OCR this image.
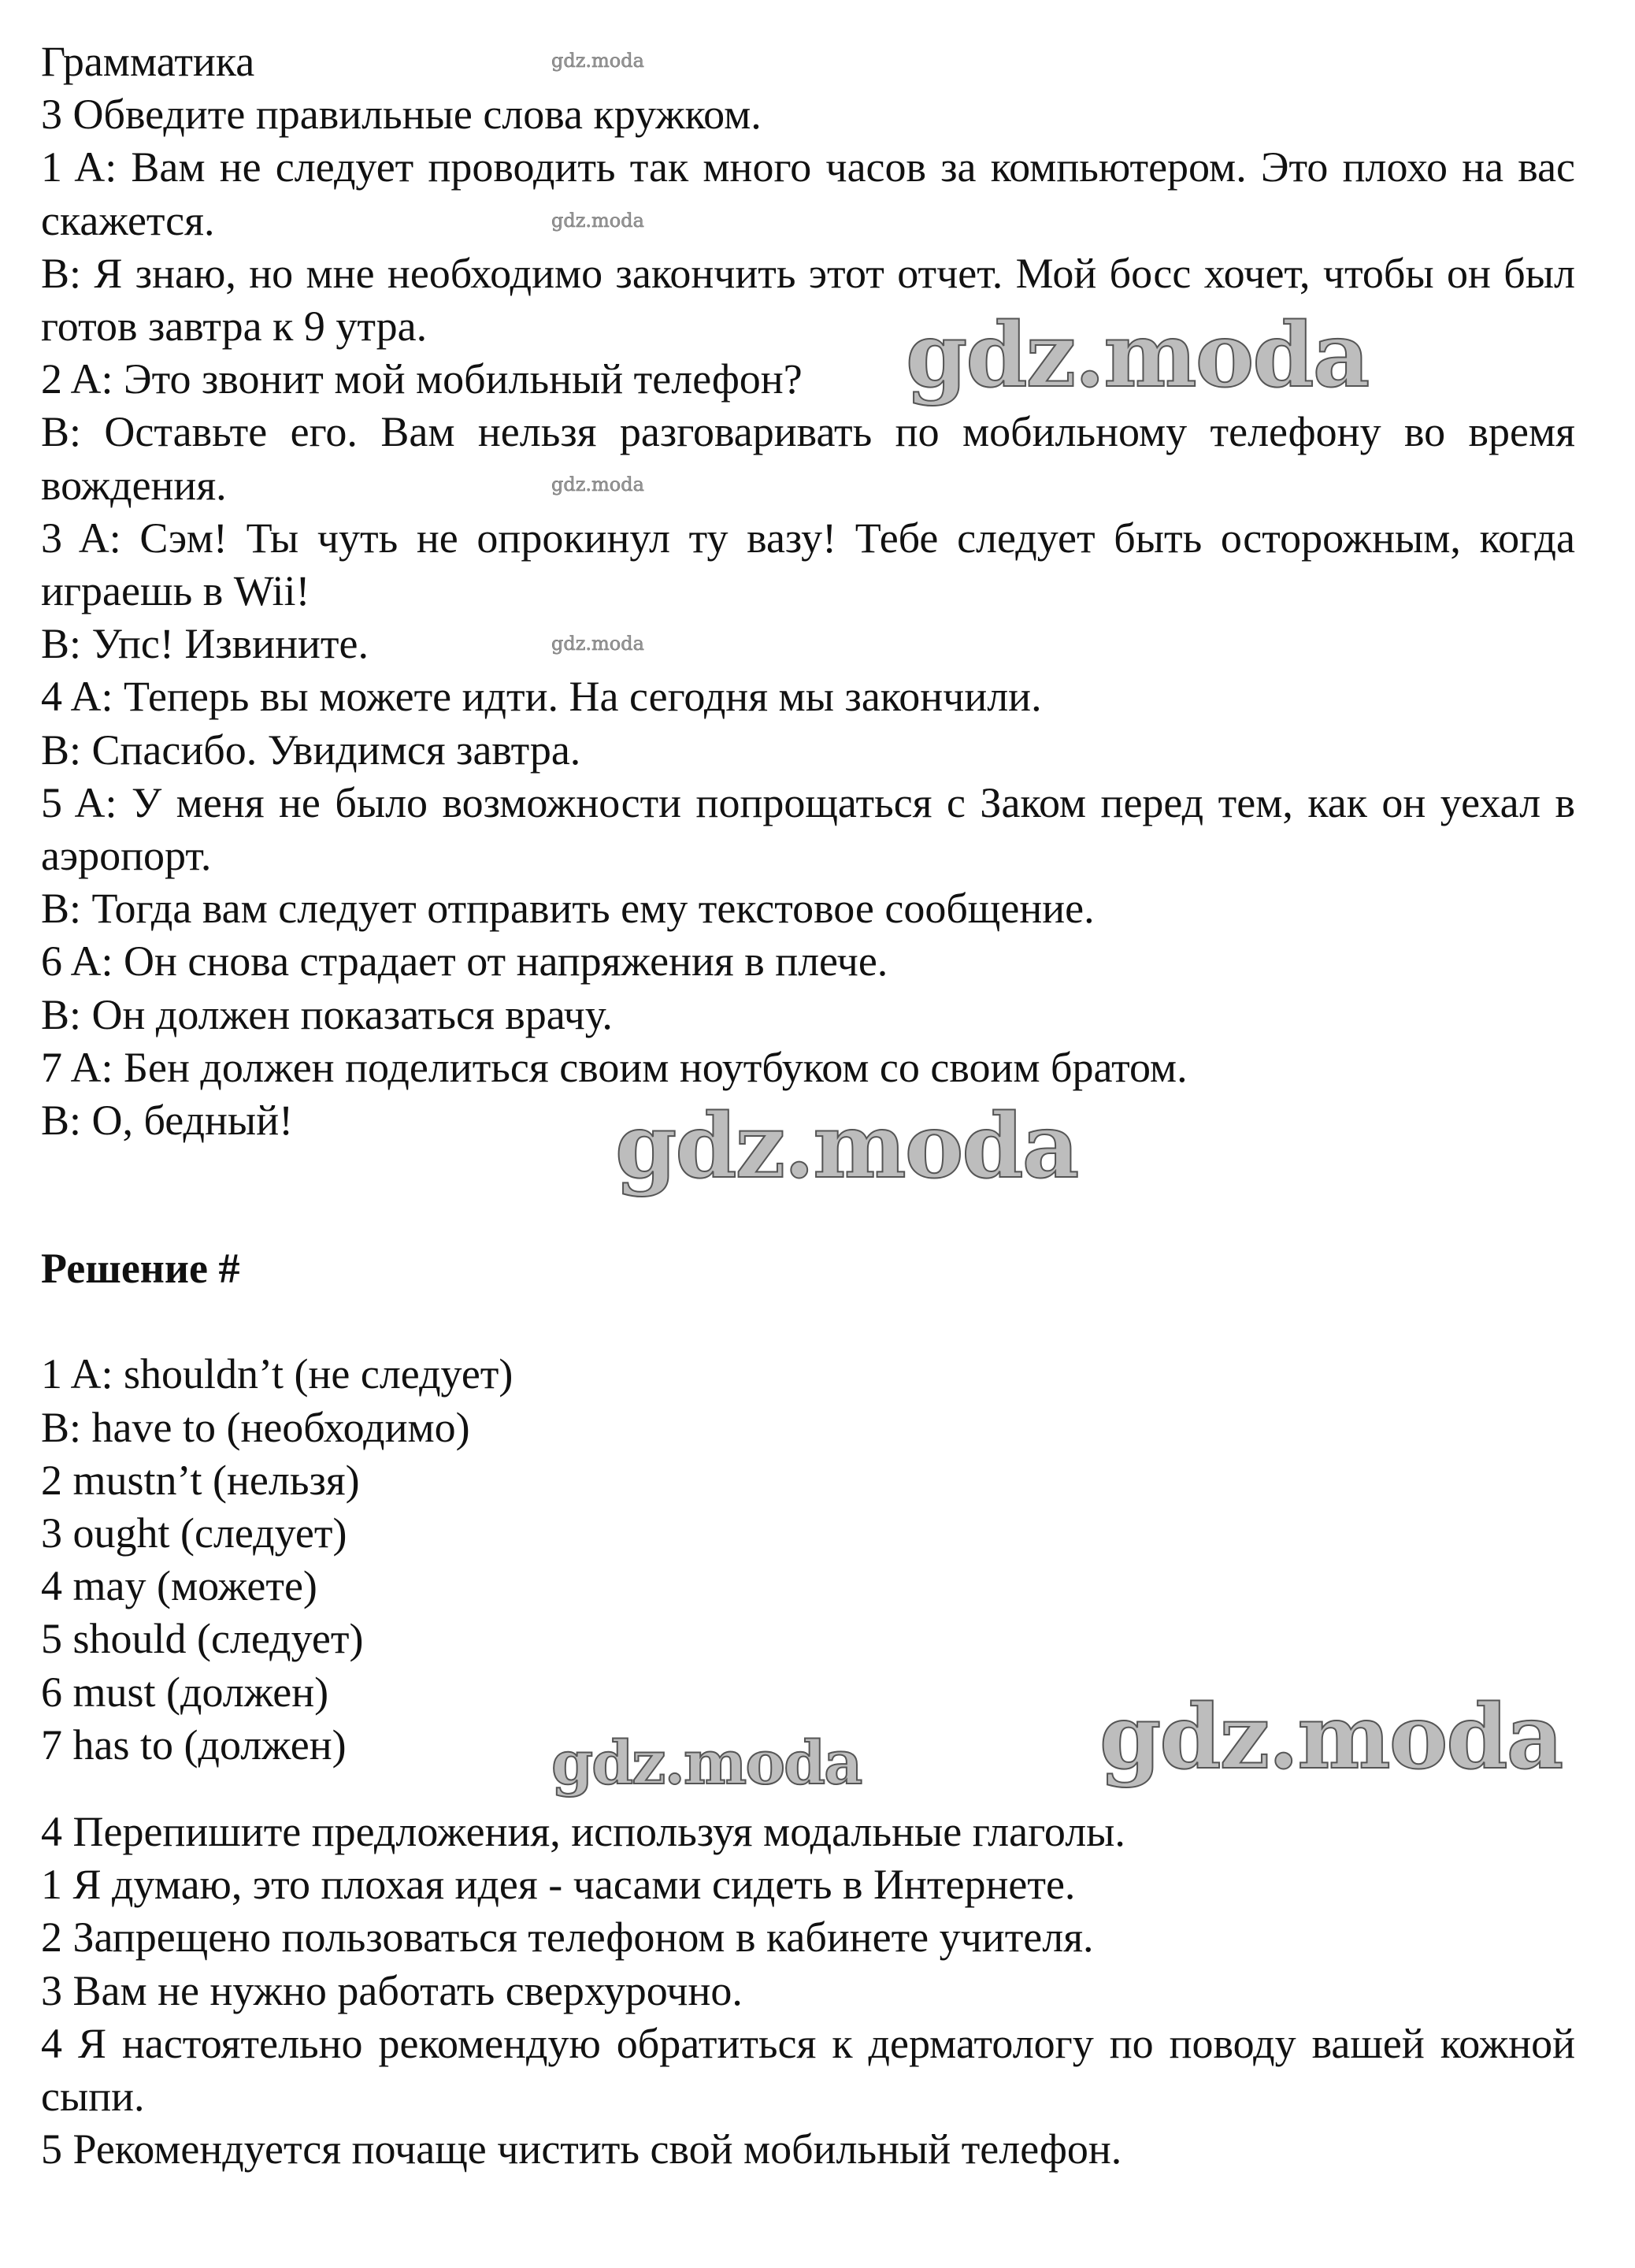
Грамматика
3 Обведите правильные слова кружком.
1 A: Вам не следует проводить так много часов за компьютером. Это плохо на вас скажется.
B: Я знаю, но мне необходимо закончить этот отчет. Мой босс хочет, чтобы он был готов завтра к 9 утра.
2 A: Это звонит мой мобильный телефон?
B: Оставьте его. Вам нельзя разговаривать по мобильному телефону во время вождения.
3 A: Сэм! Ты чуть не опрокинул ту вазу! Тебе следует быть осторожным, когда играешь в Wii!
B: Упс! Извините.
4 A: Теперь вы можете идти. На сегодня мы закончили.
B: Спасибо. Увидимся завтра.
5 A: У меня не было возможности попрощаться с Заком перед тем, как он уехал в аэропорт.
B: Тогда вам следует отправить ему текстовое сообщение.
6 A: Он снова страдает от напряжения в плече.
B: Он должен показаться врачу.
7 A: Бен должен поделиться своим ноутбуком со своим братом.
B: О, бедный!
Решение #
1 A: shouldn’t (не следует)
B: have to (необходимо)
2 mustn’t (нельзя)
3 ought (следует)
4 may (можете)
5 should (следует)
6 must (должен)
7 has to (должен)
4 Перепишите предложения, используя модальные глаголы.
1 Я думаю, это плохая идея - часами сидеть в Интернете.
2 Запрещено пользоваться телефоном в кабинете учителя.
3 Вам не нужно работать сверхурочно.
4 Я настоятельно рекомендую обратиться к дерматологу по поводу вашей кожной сыпи.
5 Рекомендуется почаще чистить свой мобильный телефон.
gdz.moda
gdz.moda
gdz.moda
gdz.moda
gdz.moda
gdz.moda
gdz.moda
gdz.moda
